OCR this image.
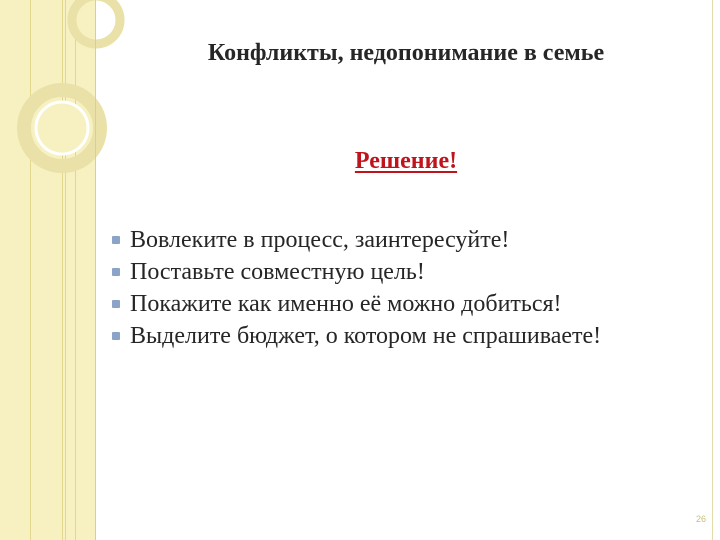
Конфликты, недопонимание в семье
Решение!
Вовлеките в процесс, заинтересуйте!
Поставьте совместную цель!
Покажите как именно её можно добиться!
Выделите бюджет, о котором не спрашиваете!
26
